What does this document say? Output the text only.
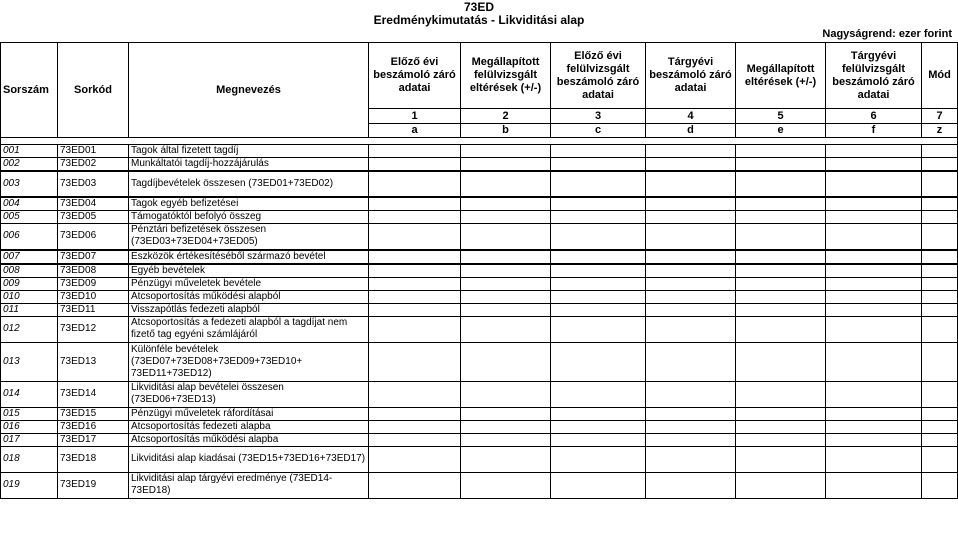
73ED
Eredménykimutatás - Likviditási alap
Nagyságrend: ezer forint
Sorszám	Sorkód	Megnevezés	Előző évi beszámoló záró adatai	Megállapított felülvizsgált eltérések (+/-)	Előző évi felülvizsgált beszámoló záró adatai	Tárgyévi beszámoló záró adatai	Megállapított eltérések (+/-)	Tárgyévi felülvizsgált beszámoló záró adatai	Mód
			1	2	3	4	5	6	7
			a	b	c	d	e	f	z

001	73ED01	Tagok által fizetett tagdíj							
002	73ED02	Munkáltatói tagdíj-hozzájárulás							
003	73ED03	Tagdíjbevételek összesen (73ED01+73ED02)							
004	73ED04	Tagok egyéb befizetései							
005	73ED05	Támogatóktól befolyó összeg							
006	73ED06	Pénztári befizetések összesen (73ED03+73ED04+73ED05)							
007	73ED07	Eszközök értékesítéséből származó bevétel							
008	73ED08	Egyéb bevételek							
009	73ED09	Pénzügyi műveletek bevétele							
010	73ED10	Átcsoportosítás működési alapból							
011	73ED11	Visszapótlás fedezeti alapból							
012	73ED12	Átcsoportosítás a fedezeti alapból a tagdíjat nem fizető tag egyéni számlájáról							
013	73ED13	Különféle bevételek (73ED07+73ED08+73ED09+73ED10+ 73ED11+73ED12)							
014	73ED14	Likviditási alap bevételei összesen (73ED06+73ED13)							
015	73ED15	Pénzügyi műveletek ráfordításai							
016	73ED16	Átcsoportosítás fedezeti alapba							
017	73ED17	Átcsoportosítás működési alapba							
018	73ED18	Likviditási alap kiadásai (73ED15+73ED16+73ED17)							
019	73ED19	Likviditási alap tárgyévi eredménye (73ED14-73ED18)							
